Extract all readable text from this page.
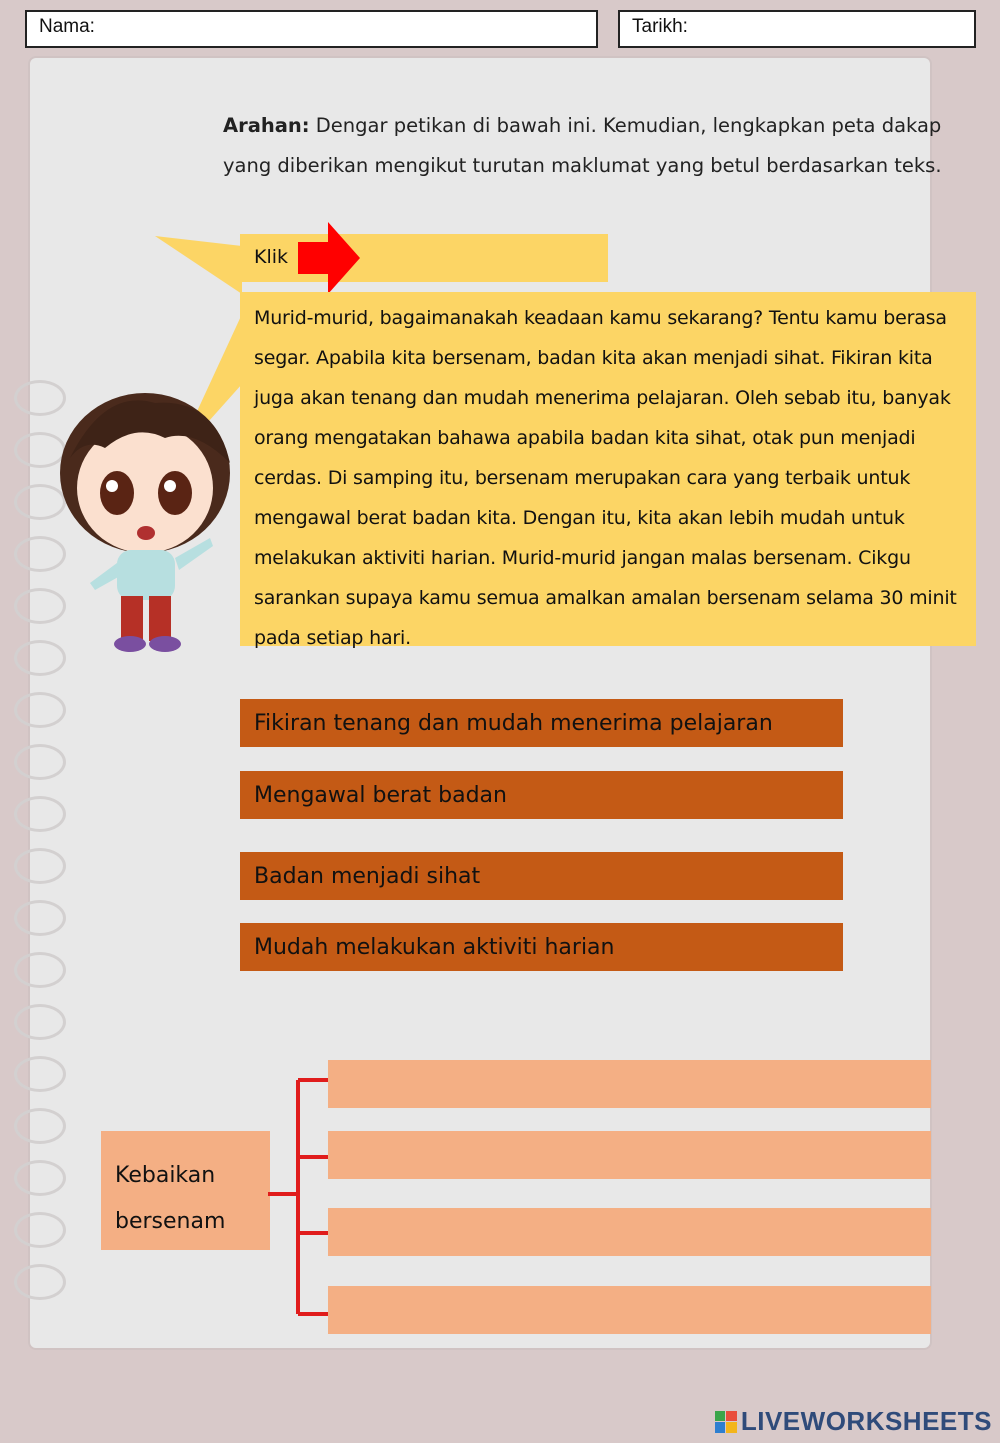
Nama:	Tarikh:
Arahan: Dengar petikan di bawah ini. Kemudian, lengkapkan peta dakap yang diberikan mengikut turutan maklumat yang betul berdasarkan teks.
Klik
Murid-murid, bagaimanakah keadaan kamu sekarang? Tentu kamu berasa segar. Apabila kita bersenam, badan kita akan menjadi sihat. Fikiran kita juga akan tenang dan mudah menerima pelajaran. Oleh sebab itu, banyak orang mengatakan bahawa apabila badan kita sihat, otak pun menjadi cerdas. Di samping itu, bersenam merupakan cara yang terbaik untuk mengawal berat badan kita. Dengan itu, kita akan lebih mudah untuk melakukan aktiviti harian. Murid-murid jangan malas bersenam. Cikgu sarankan supaya kamu semua amalkan amalan bersenam selama 30 minit pada setiap hari.
Fikiran tenang dan mudah menerima pelajaran
Mengawal berat badan
Badan menjadi sihat
Mudah melakukan aktiviti harian
Kebaikan bersenam
LIVEWORKSHEETS
